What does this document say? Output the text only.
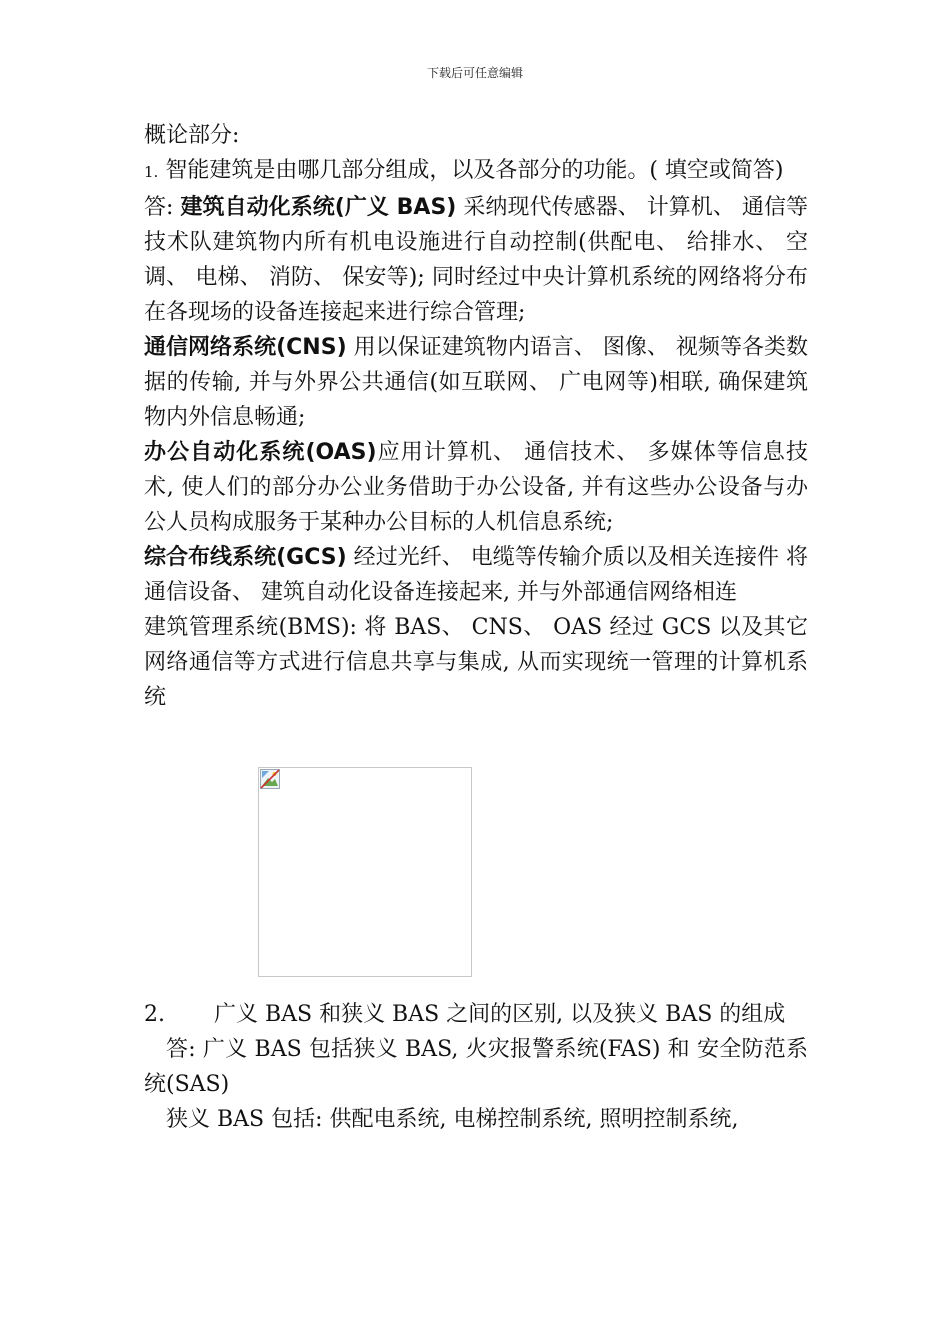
下载后可任意编辑

概论部分:

1. 智能建筑是由哪几部分组成，以及各部分的功能。( 填空或简答)

答: 建筑自动化系统(广义 BAS) 采纳现代传感器、 计算机、 通信等技术队建筑物内所有机电设施进行自动控制(供配电、 给排水、 空调、 电梯、 消防、 保安等); 同时经过中央计算机系统的网络将分布在各现场的设备连接起来进行综合管理;

通信网络系统(CNS) 用以保证建筑物内语言、 图像、 视频等各类数据的传输, 并与外界公共通信(如互联网、 广电网等)相联, 确保建筑物内外信息畅通;

办公自动化系统(OAS)应用计算机、 通信技术、 多媒体等信息技术, 使人们的部分办公业务借助于办公设备, 并有这些办公设备与办公人员构成服务于某种办公目标的人机信息系统;

综合布线系统(GCS) 经过光纤、 电缆等传输介质以及相关连接件 将通信设备、 建筑自动化设备连接起来, 并与外部通信网络相连

建筑管理系统(BMS): 将 BAS、 CNS、 OAS 经过 GCS 以及其它网络通信等方式进行信息共享与集成, 从而实现统一管理的计算机系统

2. 广义 BAS 和狭义 BAS 之间的区别, 以及狭义 BAS 的组成

答: 广义 BAS 包括狭义 BAS, 火灾报警系统(FAS) 和 安全防范系统(SAS)

狭义 BAS 包括: 供配电系统, 电梯控制系统, 照明控制系统,
